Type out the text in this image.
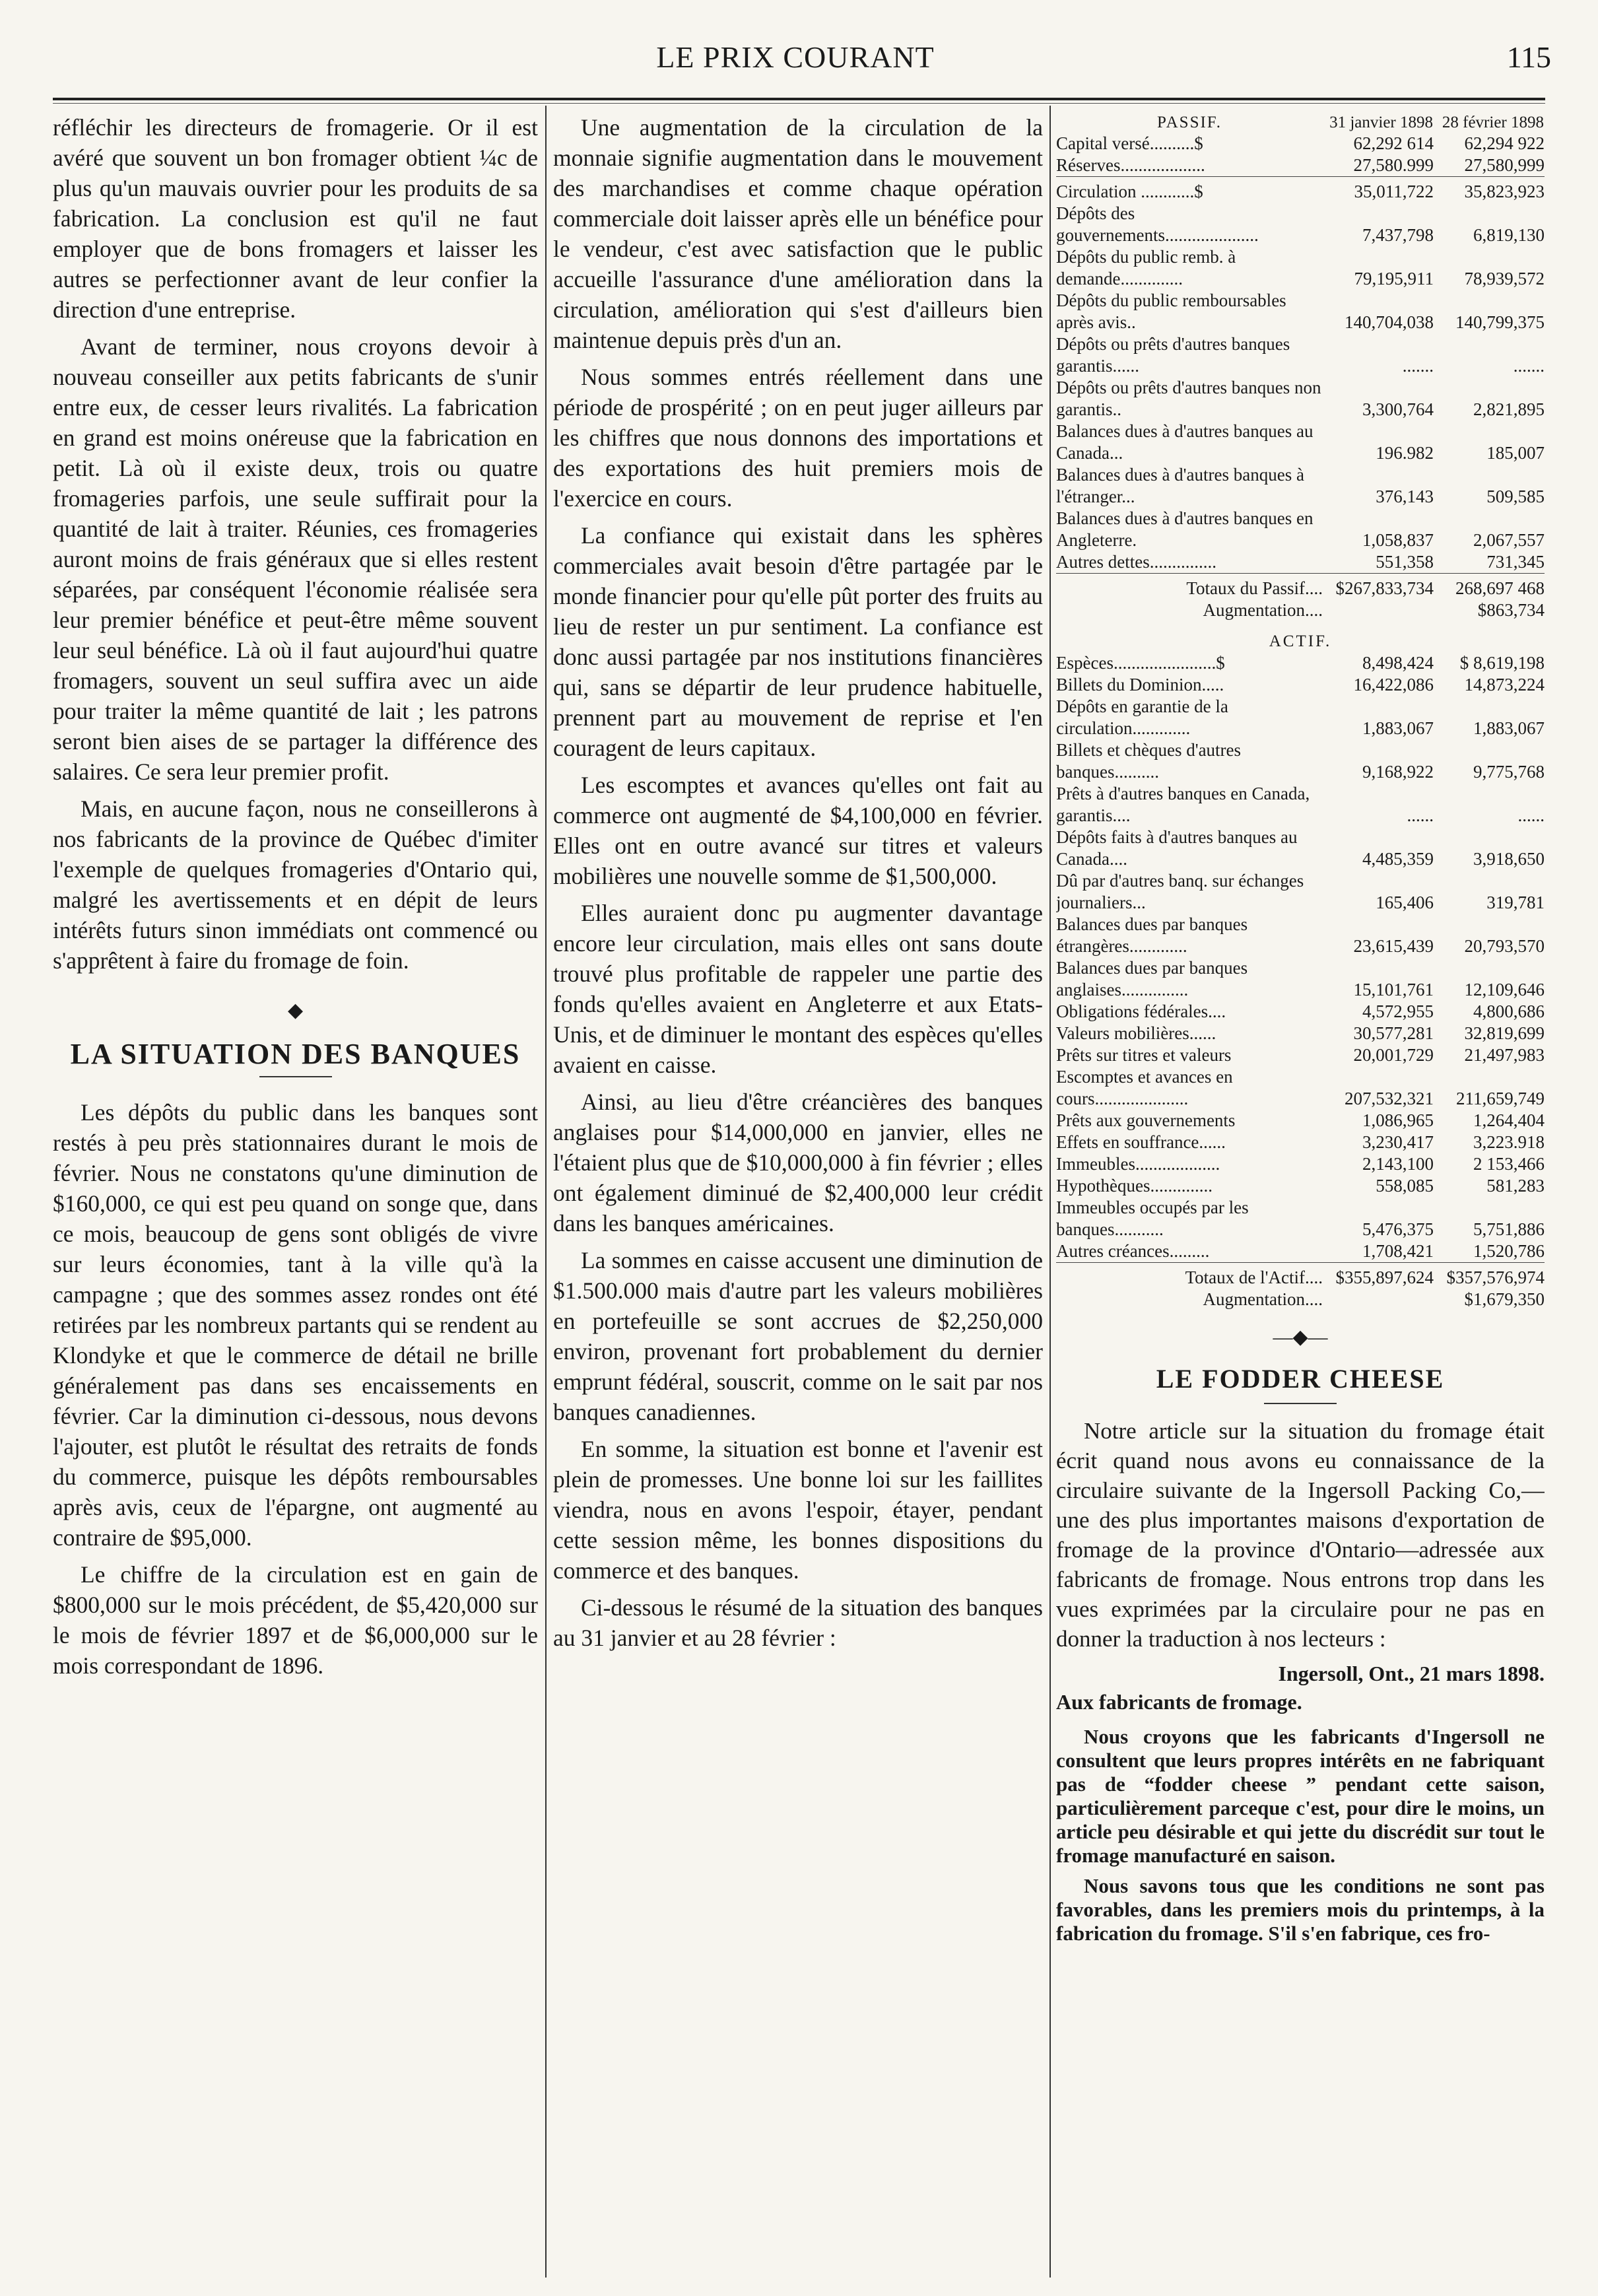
LE PRIX COURANT	115

réfléchir les directeurs de fromagerie. Or il est avéré que souvent un bon fromager obtient ¼c de plus qu'un mauvais ouvrier pour les produits de sa fabrication. La conclusion est qu'il ne faut employer que de bons fromagers et laisser les autres se perfectionner avant de leur confier la direction d'une entreprise.

Avant de terminer, nous croyons devoir à nouveau conseiller aux petits fabricants de s'unir entre eux, de cesser leurs rivalités. La fabrication en grand est moins onéreuse que la fabrication en petit. Là où il existe deux, trois ou quatre fromageries parfois, une seule suffirait pour la quantité de lait à traiter. Réunies, ces fromageries auront moins de frais généraux que si elles restent séparées, par conséquent l'économie réalisée sera leur premier bénéfice et peut-être même souvent leur seul bénéfice. Là où il faut aujourd'hui quatre fromagers, souvent un seul suffira avec un aide pour traiter la même quantité de lait ; les patrons seront bien aises de se partager la différence des salaires. Ce sera leur premier profit.

Mais, en aucune façon, nous ne conseillerons à nos fabricants de la province de Québec d'imiter l'exemple de quelques fromageries d'Ontario qui, malgré les avertissements et en dépit de leurs intérêts futurs sinon immédiats ont commencé ou s'apprêtent à faire du fromage de foin.

◆
LA SITUATION DES BANQUES

Les dépôts du public dans les banques sont restés à peu près stationnaires durant le mois de février. Nous ne constatons qu'une diminution de $160,000, ce qui est peu quand on songe que, dans ce mois, beaucoup de gens sont obligés de vivre sur leurs économies, tant à la ville qu'à la campagne ; que des sommes assez rondes ont été retirées par les nombreux partants qui se rendent au Klondyke et que le commerce de détail ne brille généralement pas dans ses encaissements en février. Car la diminution ci-dessous, nous devons l'ajouter, est plutôt le résultat des retraits de fonds du commerce, puisque les dépôts remboursables après avis, ceux de l'épargne, ont augmenté au contraire de $95,000.

Le chiffre de la circulation est en gain de $800,000 sur le mois précédent, de $5,420,000 sur le mois de février 1897 et de $6,000,000 sur le mois correspondant de 1896.

Une augmentation de la circulation de la monnaie signifie augmentation dans le mouvement des marchandises et comme chaque opération commerciale doit laisser après elle un bénéfice pour le vendeur, c'est avec satisfaction que le public accueille l'assurance d'une amélioration dans la circulation, amélioration qui s'est d'ailleurs bien maintenue depuis près d'un an.

Nous sommes entrés réellement dans une période de prospérité ; on en peut juger ailleurs par les chiffres que nous donnons des importations et des exportations des huit premiers mois de l'exercice en cours.

La confiance qui existait dans les sphères commerciales avait besoin d'être partagée par le monde financier pour qu'elle pût porter des fruits au lieu de rester un pur sentiment. La confiance est donc aussi partagée par nos institutions financières qui, sans se départir de leur prudence habituelle, prennent part au mouvement de reprise et l'en couragent de leurs capitaux.

Les escomptes et avances qu'elles ont fait au commerce ont augmenté de $4,100,000 en février. Elles ont en outre avancé sur titres et valeurs mobilières une nouvelle somme de $1,500,000.

Elles auraient donc pu augmenter davantage encore leur circulation, mais elles ont sans doute trouvé plus profitable de rappeler une partie des fonds qu'elles avaient en Angleterre et aux Etats-Unis, et de diminuer le montant des espèces qu'elles avaient en caisse.

Ainsi, au lieu d'être créancières des banques anglaises pour $14,000,000 en janvier, elles ne l'étaient plus que de $10,000,000 à fin février ; elles ont également diminué de $2,400,000 leur crédit dans les banques américaines.

La sommes en caisse accusent une diminution de $1.500.000 mais d'autre part les valeurs mobilières en portefeuille se sont accrues de $2,250,000 environ, provenant fort probablement du dernier emprunt fédéral, souscrit, comme on le sait par nos banques canadiennes.

En somme, la situation est bonne et l'avenir est plein de promesses. Une bonne loi sur les faillites viendra, nous en avons l'espoir, étayer, pendant cette session même, les bonnes dispositions du commerce et des banques.

Ci-dessous le résumé de la situation des banques au 31 janvier et au 28 février :

PASSIF.	31 janvier 1898	28 février 1898
Capital versé..........$	62,292 614	62,294 922
Réserves...................	27,580.999	27,580,999

Circulation ............$	35,011,722	35,823,923
Dépôts des gouvernements.....................	7,437,798	6,819,130
Dépôts du public remb. à demande..............	79,195,911	78,939,572
Dépôts du public remboursables après avis..	140,704,038	140,799,375
Dépôts ou prêts d'autres banques garantis......	.......	.......
Dépôts ou prêts d'autres banques non garantis..	3,300,764	2,821,895
Balances dues à d'autres banques au Canada...	196.982	185,007
Balances dues à d'autres banques à l'étranger...	376,143	509,585
Balances dues à d'autres banques en Angleterre.	1,058,837	2,067,557
Autres dettes...............	551,358	731,345

Totaux du Passif....	$267,833,734	268,697 468
Augmentation....		$863,734

ACTIF.		
Espèces.......................$	8,498,424	$ 8,619,198
Billets du Dominion.....	16,422,086	14,873,224
Dépôts en garantie de la circulation.............	1,883,067	1,883,067
Billets et chèques d'autres banques..........	9,168,922	9,775,768
Prêts à d'autres banques en Canada, garantis....	......	......
Dépôts faits à d'autres banques au Canada....	4,485,359	3,918,650
Dû par d'autres banq. sur échanges journaliers...	165,406	319,781
Balances dues par banques étrangères.............	23,615,439	20,793,570
Balances dues par banques anglaises...............	15,101,761	12,109,646
Obligations fédérales....	4,572,955	4,800,686
Valeurs mobilières......	30,577,281	32,819,699
Prêts sur titres et valeurs	20,001,729	21,497,983
Escomptes et avances en cours.....................	207,532,321	211,659,749
Prêts aux gouvernements	1,086,965	1,264,404
Effets en souffrance......	3,230,417	3,223.918
Immeubles...................	2,143,100	2 153,466
Hypothèques..............	558,085	581,283
Immeubles occupés par les banques...........	5,476,375	5,751,886
Autres créances.........	1,708,421	1,520,786

Totaux de l'Actif....	$355,897,624	$357,576,974
Augmentation....		$1,679,350
—◆—
LE FODDER CHEESE

Notre article sur la situation du fromage était écrit quand nous avons eu connaissance de la circulaire suivante de la Ingersoll Packing Co,— une des plus importantes maisons d'exportation de fromage de la province d'Ontario—adressée aux fabricants de fromage. Nous entrons trop dans les vues exprimées par la circulaire pour ne pas en donner la traduction à nos lecteurs :

Ingersoll, Ont., 21 mars 1898.
Aux fabricants de fromage.

Nous croyons que les fabricants d'Ingersoll ne consultent que leurs propres intérêts en ne fabriquant pas de “fodder cheese ” pendant cette saison, particulièrement parceque c'est, pour dire le moins, un article peu désirable et qui jette du discrédit sur tout le fromage manufacturé en saison.

Nous savons tous que les conditions ne sont pas favorables, dans les premiers mois du printemps, à la fabrication du fromage. S'il s'en fabrique, ces fro-
